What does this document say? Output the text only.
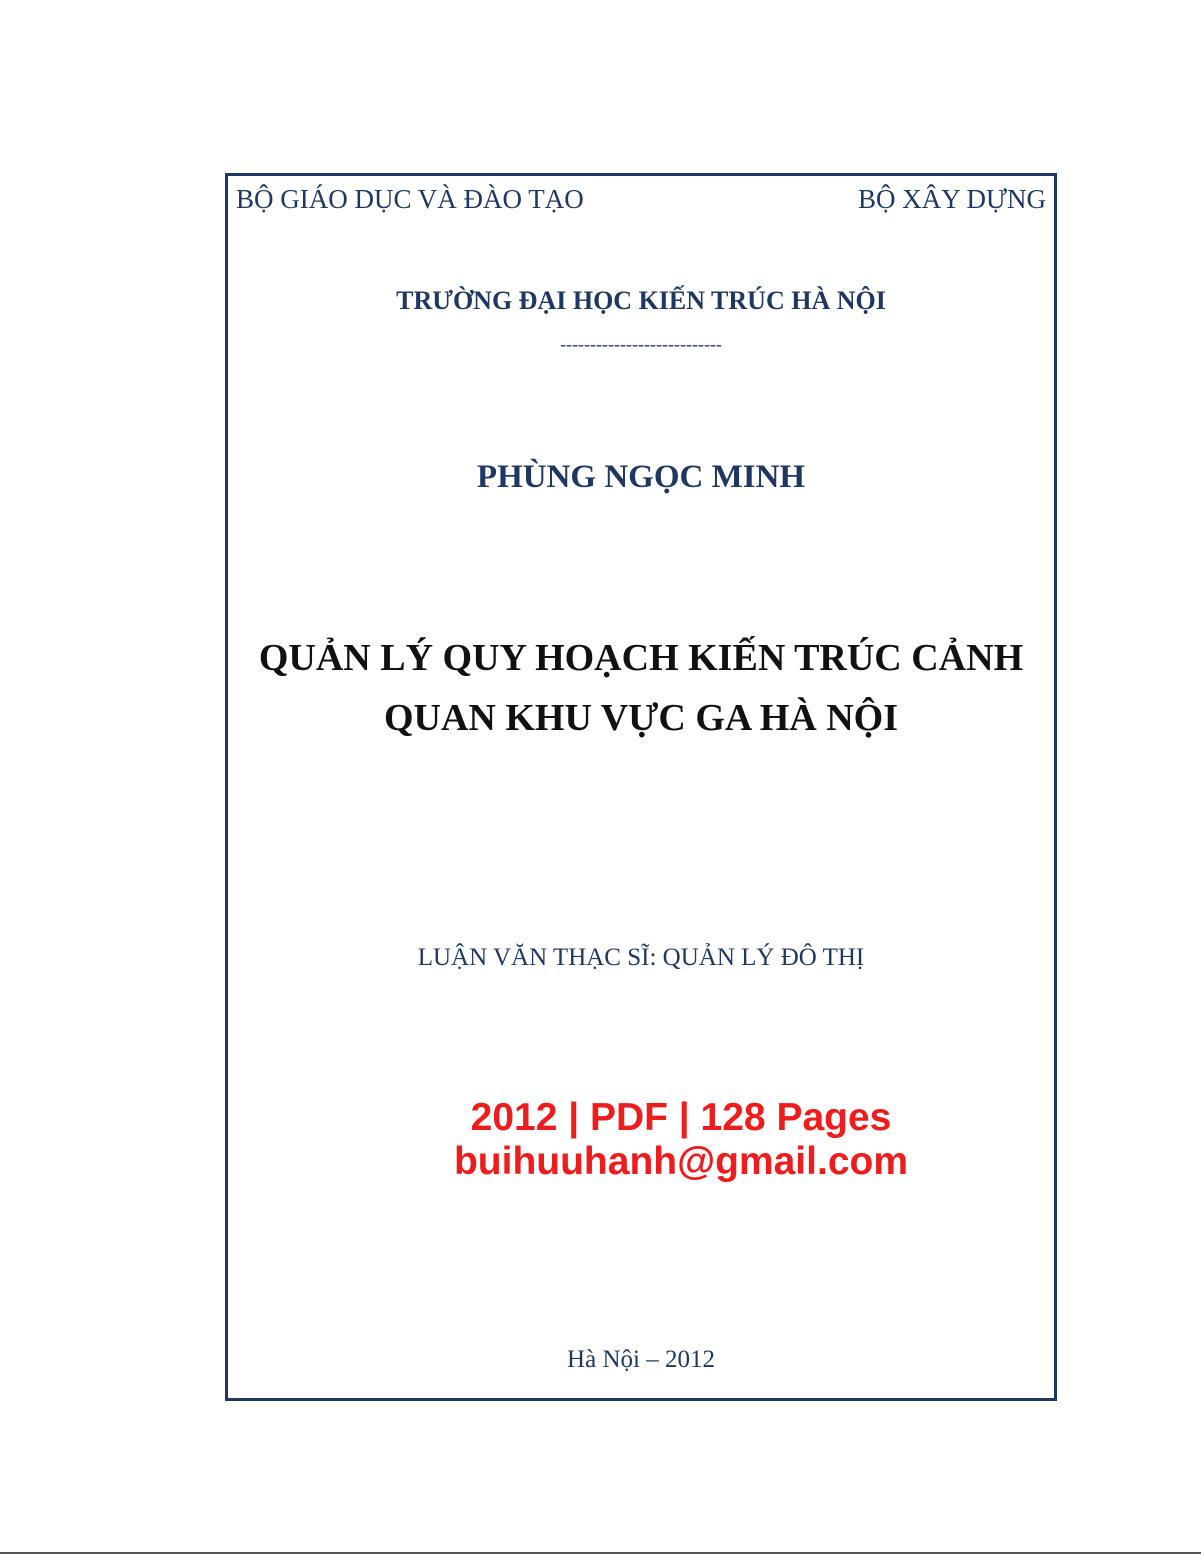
BỘ GIÁO DỤC VÀ ĐÀO TẠO	BỘ XÂY DỰNG
TRƯỜNG ĐẠI HỌC KIẾN TRÚC HÀ NỘI
---------------------------
PHÙNG NGỌC MINH
QUẢN LÝ QUY HOẠCH KIẾN TRÚC CẢNH
QUAN KHU VỰC GA HÀ NỘI
LUẬN VĂN THẠC SĨ: QUẢN LÝ ĐÔ THỊ
2012 | PDF | 128 Pages
buihuuhanh@gmail.com
Hà Nội – 2012
